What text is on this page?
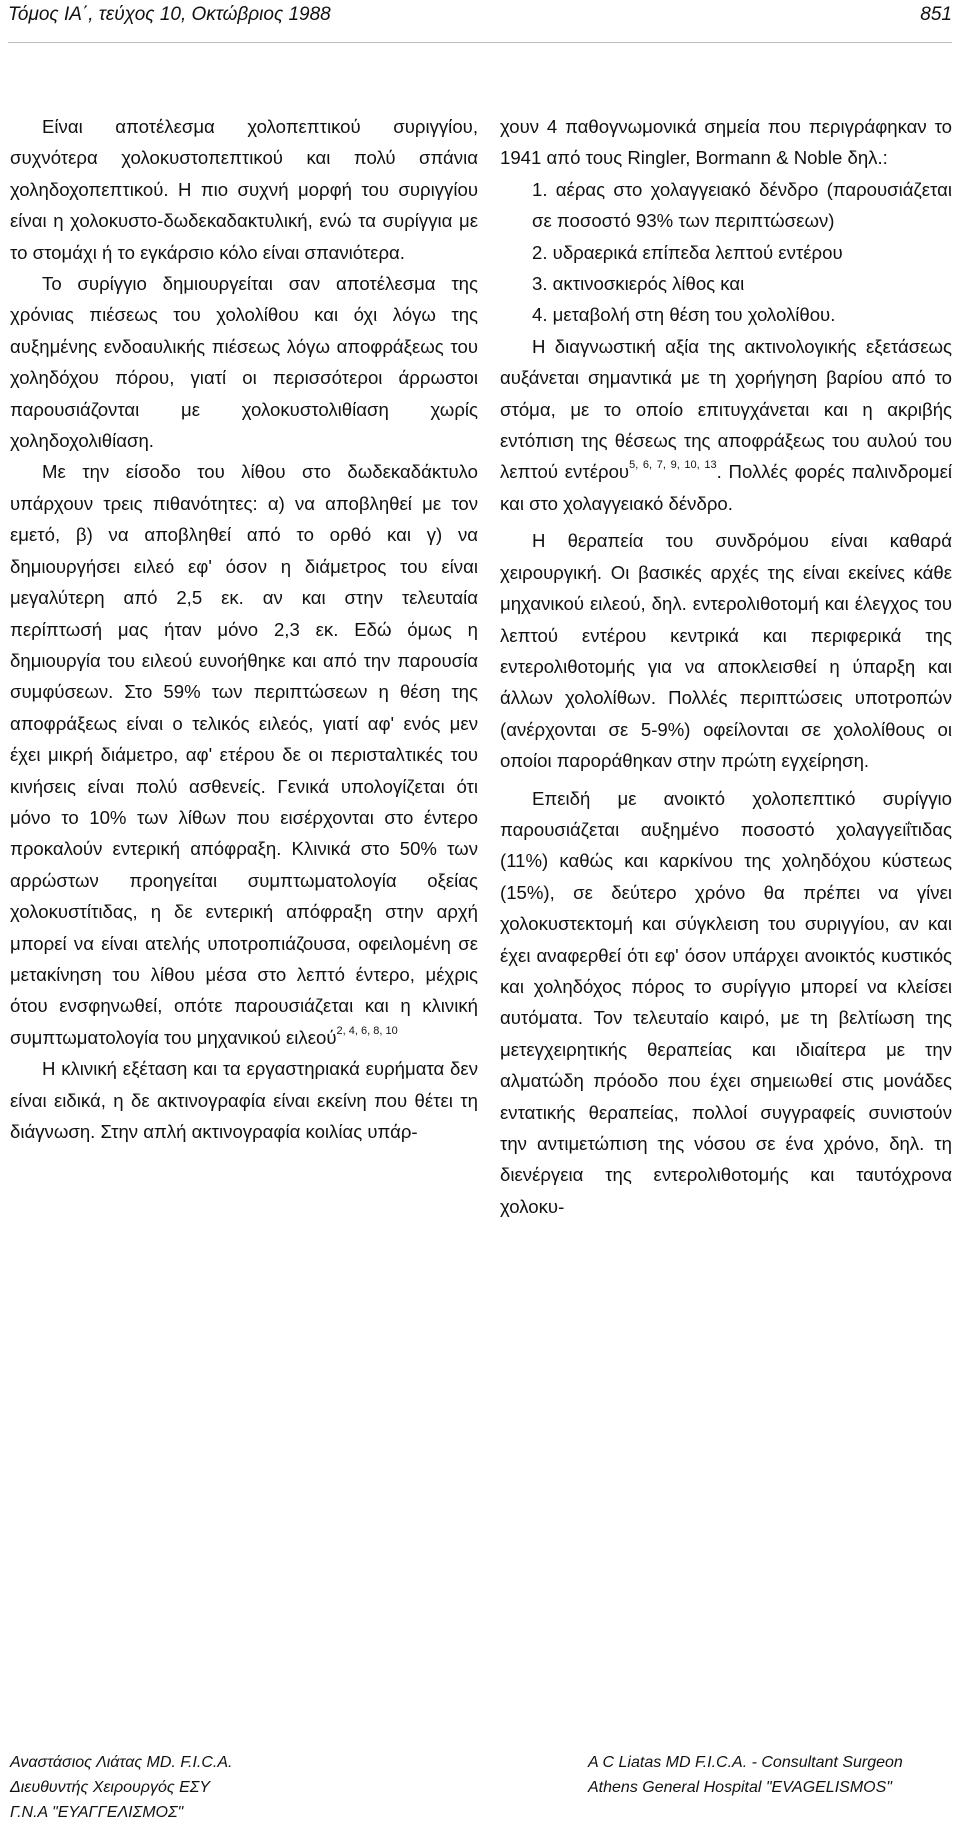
Τόμος ΙΑ΄, τεύχος 10, Οκτώβριος 1988	851

Είναι αποτέλεσμα χολοπεπτικού συριγγίου, συχνότερα χολοκυστοπεπτικού και πολύ σπάνια χοληδοχοπεπτικού. Η πιο συχνή μορφή του συριγγίου είναι η χολοκυστο-δωδεκαδακτυλική, ενώ τα συρίγγια με το στομάχι ή το εγκάρσιο κόλο είναι σπανιότερα.

Το συρίγγιο δημιουργείται σαν αποτέλεσμα της χρόνιας πιέσεως του χολολίθου και όχι λόγω της αυξημένης ενδοαυλικής πιέσεως λόγω αποφράξεως του χοληδόχου πόρου, γιατί οι περισσότεροι άρρωστοι παρουσιάζονται με χολοκυστολιθίαση χωρίς χοληδοχολιθίαση.

Με την είσοδο του λίθου στο δωδεκαδάκτυλο υπάρχουν τρεις πιθανότητες: α) να αποβληθεί με τον εμετό, β) να αποβληθεί από το ορθό και γ) να δημιουργήσει ειλεό εφ' όσον η διάμετρος του είναι μεγαλύτερη από 2,5 εκ. αν και στην τελευταία περίπτωσή μας ήταν μόνο 2,3 εκ. Εδώ όμως η δημιουργία του ειλεού ευνοήθηκε και από την παρουσία συμφύσεων. Στο 59% των περιπτώσεων η θέση της αποφράξεως είναι ο τελικός ειλεός, γιατί αφ' ενός μεν έχει μικρή διάμετρο, αφ' ετέρου δε οι περισταλτικές του κινήσεις είναι πολύ ασθενείς. Γενικά υπολογίζεται ότι μόνο το 10% των λίθων που εισέρχονται στο έντερο προκαλούν εντερική απόφραξη. Κλινικά στο 50% των αρρώστων προηγείται συμπτωματολογία οξείας χολοκυστίτιδας, η δε εντερική απόφραξη στην αρχή μπορεί να είναι ατελής υποτροπιάζουσα, οφειλομένη σε μετακίνηση του λίθου μέσα στο λεπτό έντερο, μέχρις ότου ενσφηνωθεί, οπότε παρουσιάζεται και η κλινική συμπτωματολογία του μηχανικού ειλεού$^{2, 4, 6, 8, 10}$

Η κλινική εξέταση και τα εργαστηριακά ευρήματα δεν είναι ειδικά, η δε ακτινογραφία είναι εκείνη που θέτει τη διάγνωση. Στην απλή ακτινογραφία κοιλίας υπάρ-

χουν 4 παθογνωμονικά σημεία που περιγράφηκαν το 1941 από τους Ringler, Bormann & Noble δηλ.:

1. αέρας στο χολαγγειακό δένδρο (παρουσιάζεται σε ποσοστό 93% των περιπτώσεων)

2. υδραερικά επίπεδα λεπτού εντέρου

3. ακτινοσκιερός λίθος και

4. μεταβολή στη θέση του χολολίθου.

Η διαγνωστική αξία της ακτινολογικής εξετάσεως αυξάνεται σημαντικά με τη χορήγηση βαρίου από το στόμα, με το οποίο επιτυγχάνεται και η ακριβής εντόπιση της θέσεως της αποφράξεως του αυλού του λεπτού εντέρου$^{5, 6, 7, 9, 10, 13}$. Πολλές φορές παλινδρομεί και στο χολαγγειακό δένδρο.

Η θεραπεία του συνδρόμου είναι καθαρά χειρουργική. Οι βασικές αρχές της είναι εκείνες κάθε μηχανικού ειλεού, δηλ. εντερολιθοτομή και έλεγχος του λεπτού εντέρου κεντρικά και περιφερικά της εντερολιθοτομής για να αποκλεισθεί η ύπαρξη και άλλων χολολίθων. Πολλές περιπτώσεις υποτροπών (ανέρχονται σε 5-9%) οφείλονται σε χολολίθους οι οποίοι παροράθηκαν στην πρώτη εγχείρηση.

Επειδή με ανοικτό χολοπεπτικό συρίγγιο παρουσιάζεται αυξημένο ποσοστό χολαγγειΐτιδας (11%) καθώς και καρκίνου της χοληδόχου κύστεως (15%), σε δεύτερο χρόνο θα πρέπει να γίνει χολοκυστεκτομή και σύγκλειση του συριγγίου, αν και έχει αναφερθεί ότι εφ' όσον υπάρχει ανοικτός κυστικός και χοληδόχος πόρος το συρίγγιο μπορεί να κλείσει αυτόματα. Τον τελευταίο καιρό, με τη βελτίωση της μετεγχειρητικής θεραπείας και ιδιαίτερα με την αλματώδη πρόοδο που έχει σημειωθεί στις μονάδες εντατικής θεραπείας, πολλοί συγγραφείς συνιστούν την αντιμετώπιση της νόσου σε ένα χρόνο, δηλ. τη διενέργεια της εντερολιθοτομής και ταυτόχρονα χολοκυ-

Αναστάσιος Λιάτας MD. F.I.C.A.
Διευθυντής Χειρουργός ΕΣΥ
Γ.Ν.Α "ΕΥΑΓΓΕΛΙΣΜΟΣ"
A C Liatas MD F.I.C.A. - Consultant Surgeon
Athens General Hospital "EVAGELISMOS"
